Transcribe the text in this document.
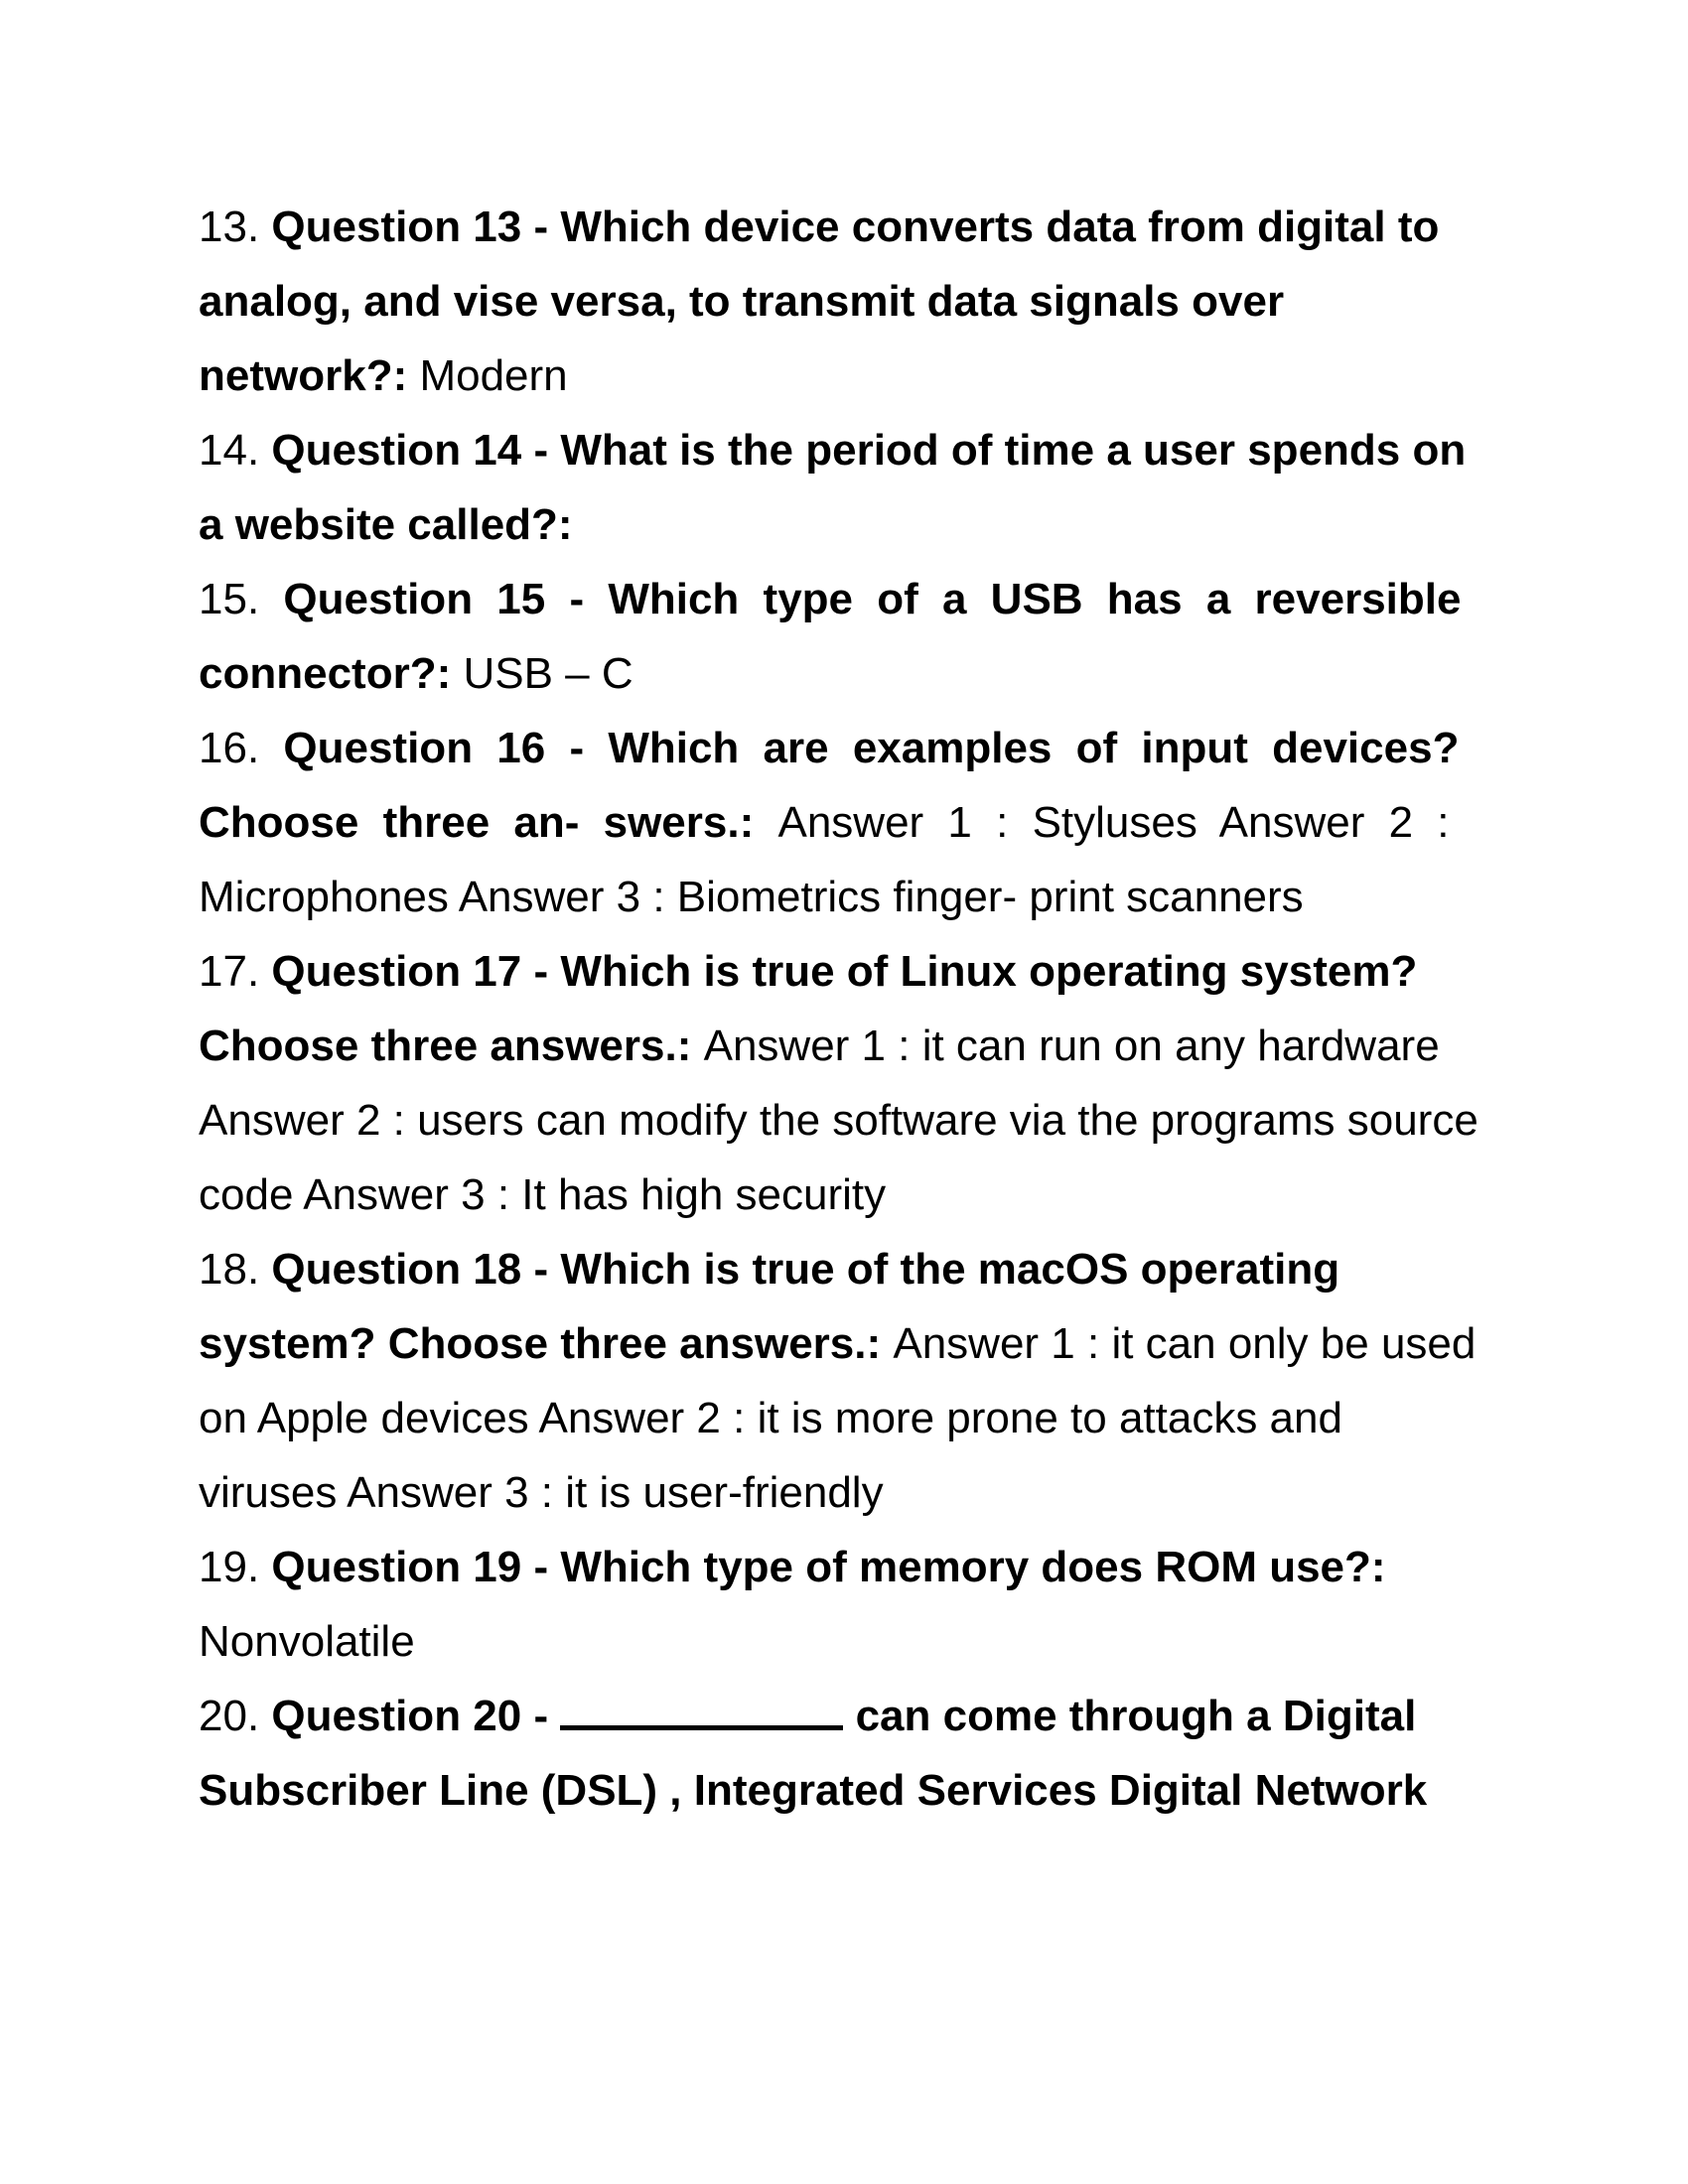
13. Question 13 - Which device converts data from digital to
analog, and vise versa, to transmit data signals over
network?: Modern
14. Question 14 - What is the period of time a user spends on
a website called?:
15. Question 15 - Which type of a USB has a reversible
connector?: USB – C
16. Question 16 - Which are examples of input devices?
Choose three an- swers.: Answer 1 : Styluses Answer 2 :
Microphones Answer 3 : Biometrics finger- print scanners
17. Question 17 - Which is true of Linux operating system?
Choose three answers.: Answer 1 : it can run on any hardware
Answer 2 : users can modify the software via the programs source
code Answer 3 : It has high security
18. Question 18 - Which is true of the macOS operating
system? Choose three answers.: Answer 1 : it can only be used
on Apple devices Answer 2 : it is more prone to attacks and
viruses Answer 3 : it is user-friendly
19. Question 19 - Which type of memory does ROM use?:
Nonvolatile
20. Question 20 -	can come through a Digital
Subscriber Line (DSL) , Integrated Services Digital Network
